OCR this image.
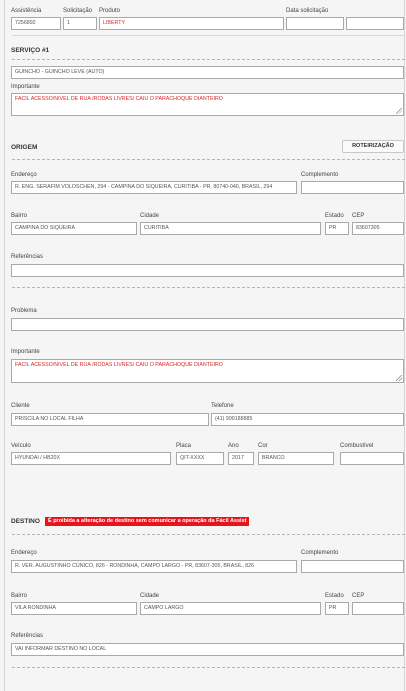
Assistência
7256892
Solicitação
1
Produto
LIBERTY
Data solicitação
SERVIÇO #1
GUINCHO - GUINCHO LEVE (AUTO)
Importante
FACIL ACESSO/NIVEL DE RUA /RODAS LIVRES/ CAIU O PARACHOQUE DIANTEIRO
ORIGEM	ROTEIRIZAÇÃO
Endereço
R. ENG. SERAFIM VOLOSCHEN, 294 - CAMPINA DO SIQUEIRA, CURITIBA - PR, 80740-040, BRASIL, 294
Complemento
Bairro
CAMPINA DO SIQUEIRA
Cidade
CURITIBA
Estado
PR
CEP
83607305
Referências
Problema
Importante
FACIL ACESSO/NIVEL DE RUA /RODAS LIVRES/ CAIU O PARACHOQUE DIANTEIRO
Cliente
PRISCILA NO LOCAL FILHA
Telefone
(41) 999188885
Veículo
HYUNDAI / HB20X
Placa
QIT-XXXX
Ano
2017
Cor
BRANCO
Combustível
DESTINO	É proibida a alteração de destino sem comunicar a operação da Fácil Assist
Endereço
R. VER. AUGUSTINHO CÚNICO, 826 - RONDINHA, CAMPO LARGO - PR, 83607-305, BRASIL, 826
Complemento
Bairro
VILA RONDINHA
Cidade
CAMPO LARGO
Estado
PR
CEP
Referências
VAI INFORMAR DESTINO NO LOCAL
